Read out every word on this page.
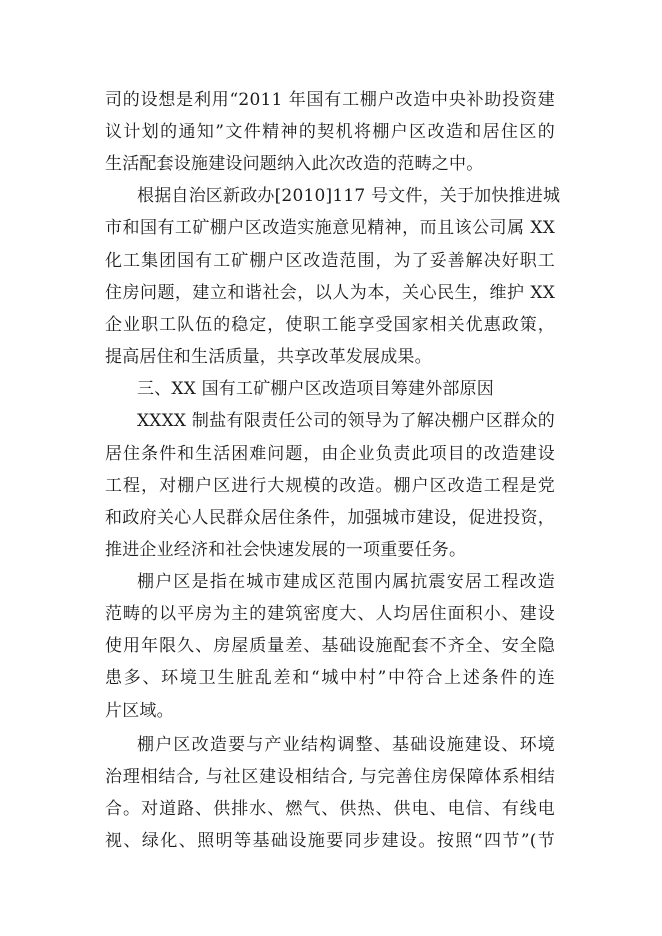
司的设想是利用“2011 年国有工棚户改造中央补助投资建
议计划的通知”文件精神的契机将棚户区改造和居住区的
生活配套设施建设问题纳入此次改造的范畴之中。
根据自治区新政办[2010]117 号文件，关于加快推进城
市和国有工矿棚户区改造实施意见精神，而且该公司属 XX
化工集团国有工矿棚户区改造范围，为了妥善解决好职工
住房问题，建立和谐社会，以人为本，关心民生，维护 XX
企业职工队伍的稳定，使职工能享受国家相关优惠政策，
提高居住和生活质量，共享改革发展成果。
三、XX 国有工矿棚户区改造项目筹建外部原因
XXXX 制盐有限责任公司的领导为了解决棚户区群众的
居住条件和生活困难问题，由企业负责此项目的改造建设
工程，对棚户区进行大规模的改造。棚户区改造工程是党
和政府关心人民群众居住条件，加强城市建设，促进投资，
推进企业经济和社会快速发展的一项重要任务。
棚户区是指在城市建成区范围内属抗震安居工程改造
范畴的以平房为主的建筑密度大、人均居住面积小、建设
使用年限久、房屋质量差、基础设施配套不齐全、安全隐
患多、环境卫生脏乱差和“城中村”中符合上述条件的连
片区域。
棚户区改造要与产业结构调整、基础设施建设、环境
治理相结合, 与社区建设相结合, 与完善住房保障体系相结
合。对道路、供排水、燃气、供热、供电、电信、有线电
视、绿化、照明等基础设施要同步建设。按照“四节”(节
